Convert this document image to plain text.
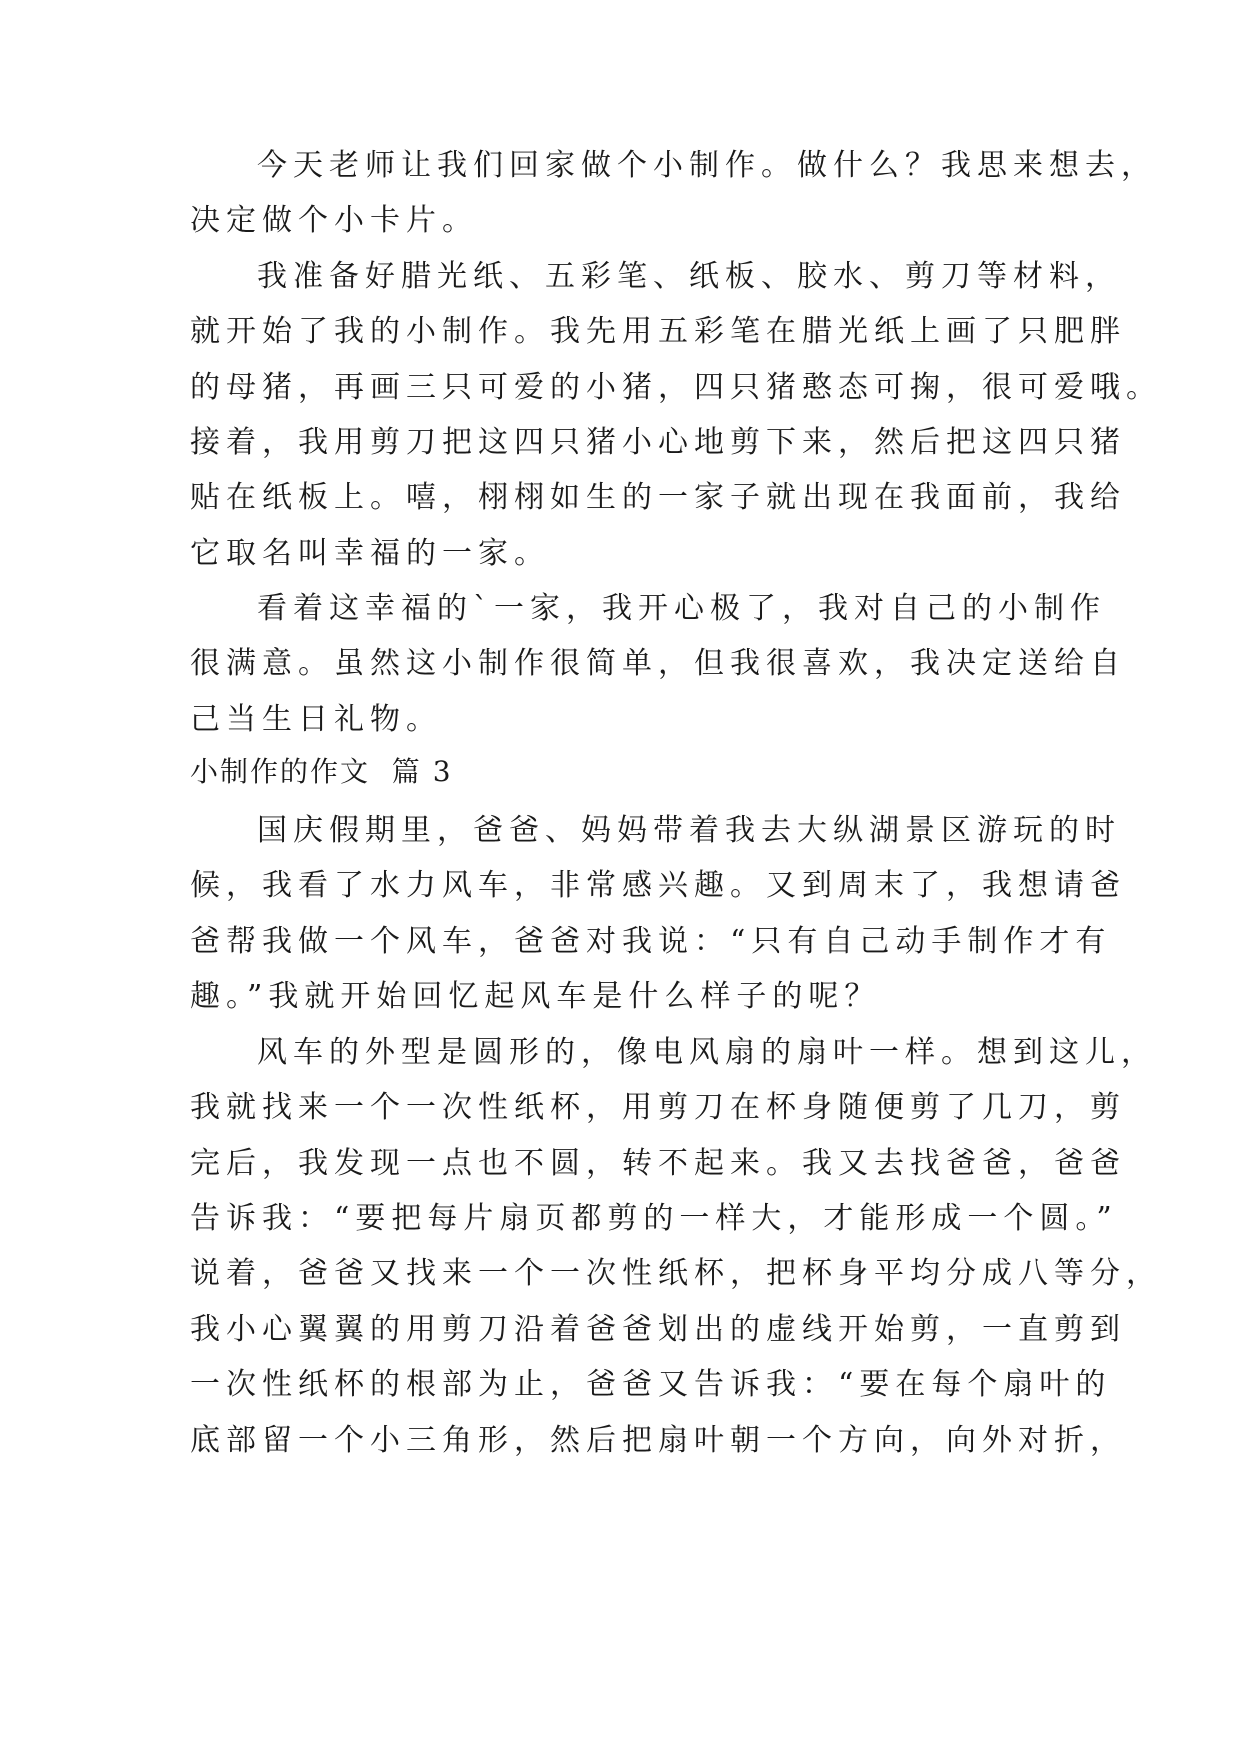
今天老师让我们回家做个小制作。做什么？我思来想去，
决定做个小卡片。
我准备好腊光纸、五彩笔、纸板、胶水、剪刀等材料，
就开始了我的小制作。我先用五彩笔在腊光纸上画了只肥胖
的母猪，再画三只可爱的小猪，四只猪憨态可掬，很可爱哦。
接着，我用剪刀把这四只猪小心地剪下来，然后把这四只猪
贴在纸板上。嘻，栩栩如生的一家子就出现在我面前，我给
它取名叫幸福的一家。
看着这幸福的`一家，我开心极了，我对自己的小制作
很满意。虽然这小制作很简单，但我很喜欢，我决定送给自
己当生日礼物。
小制作的作文  篇 3
国庆假期里，爸爸、妈妈带着我去大纵湖景区游玩的时
候，我看了水力风车，非常感兴趣。又到周末了，我想请爸
爸帮我做一个风车，爸爸对我说：“只有自己动手制作才有
趣。”我就开始回忆起风车是什么样子的呢？
风车的外型是圆形的，像电风扇的扇叶一样。想到这儿，
我就找来一个一次性纸杯，用剪刀在杯身随便剪了几刀，剪
完后，我发现一点也不圆，转不起来。我又去找爸爸，爸爸
告诉我：“要把每片扇页都剪的一样大，才能形成一个圆。”
说着，爸爸又找来一个一次性纸杯，把杯身平均分成八等分，
我小心翼翼的用剪刀沿着爸爸划出的虚线开始剪，一直剪到
一次性纸杯的根部为止，爸爸又告诉我：“要在每个扇叶的
底部留一个小三角形，然后把扇叶朝一个方向，向外对折，
